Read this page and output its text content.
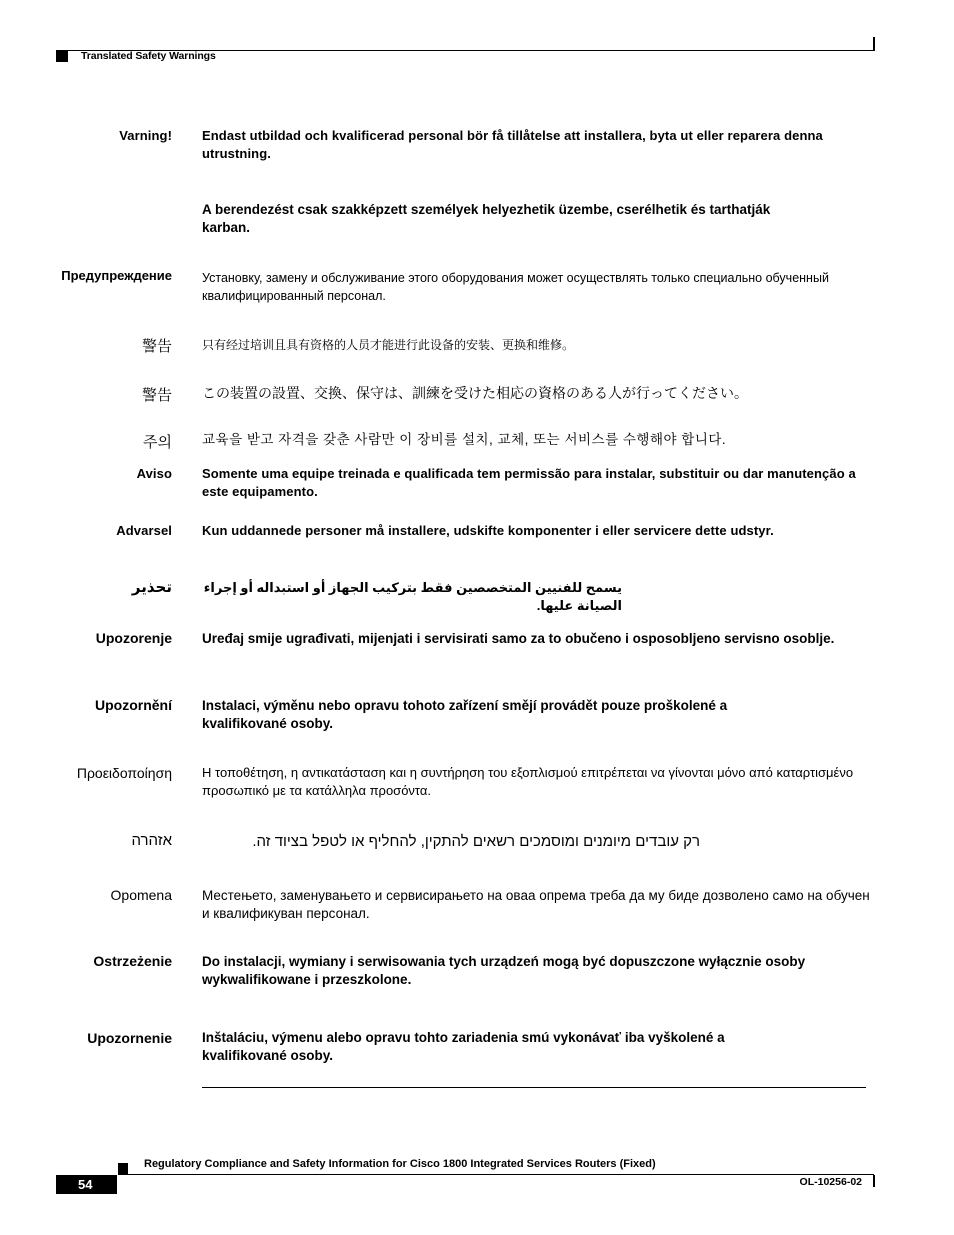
Translated Safety Warnings
Varning! Endast utbildad och kvalificerad personal bör få tillåtelse att installera, byta ut eller reparera denna utrustning.
A berendezést csak szakképzett személyek helyezhetik üzembe, cserélhetik és tarthatják karban.
Предупреждение Установку, замену и обслуживание этого оборудования может осуществлять только специально обученный квалифицированный персонал.
警告	只有经过培训且具有资格的人员才能进行此设备的安装、更换和维修。
警告 この装置の設置、交換、保守は、訓練を受けた相応の資格のある人が行ってください。
주의 교육을 받고 자격을 갖춘 사람만 이 장비를 설치, 교체, 또는 서비스를 수행해야 합니다.
Aviso Somente uma equipe treinada e qualificada tem permissão para instalar, substituir ou dar manutenção a este equipamento.
Advarsel Kun uddannede personer må installere, udskifte komponenter i eller servicere dette udstyr.
تحذير يسمح للفنيين المتخصصين فقط بتركيب الجهاز أو استبداله أو إجراء الصيانة عليها.
Upozorenje Uređaj smije ugrađivati, mijenjati i servisirati samo za to obučeno i osposobljeno servisno osoblje.
Upozornění Instalaci, výměnu nebo opravu tohoto zařízení smějí provádět pouze proškolené a kvalifikované osoby.
Προειδοποίηση Η τοποθέτηση, η αντικατάσταση και η συντήρηση του εξοπλισμού επιτρέπεται να γίνονται μόνο από καταρτισμένο προσωπικό με τα κατάλληλα προσόντα.
אזהרה	רק עובדים מיומנים ומוסמכים רשאים להתקין, להחליף או לטפל בציוד זה.
Opomena Местењето, заменувањето и сервисирањето на оваа опрема треба да му биде дозволено само на обучен и квалификуван персонал.
Ostrzeżenie Do instalacji, wymiany i serwisowania tych urządzeń mogą być dopuszczone wyłącznie osoby wykwalifikowane i przeszkolone.
Upozornenie Inštaláciu, výmenu alebo opravu tohto zariadenia smú vykonávať iba vyškolené a kvalifikované osoby.
Regulatory Compliance and Safety Information for Cisco 1800 Integrated Services Routers (Fixed)
54	OL-10256-02
